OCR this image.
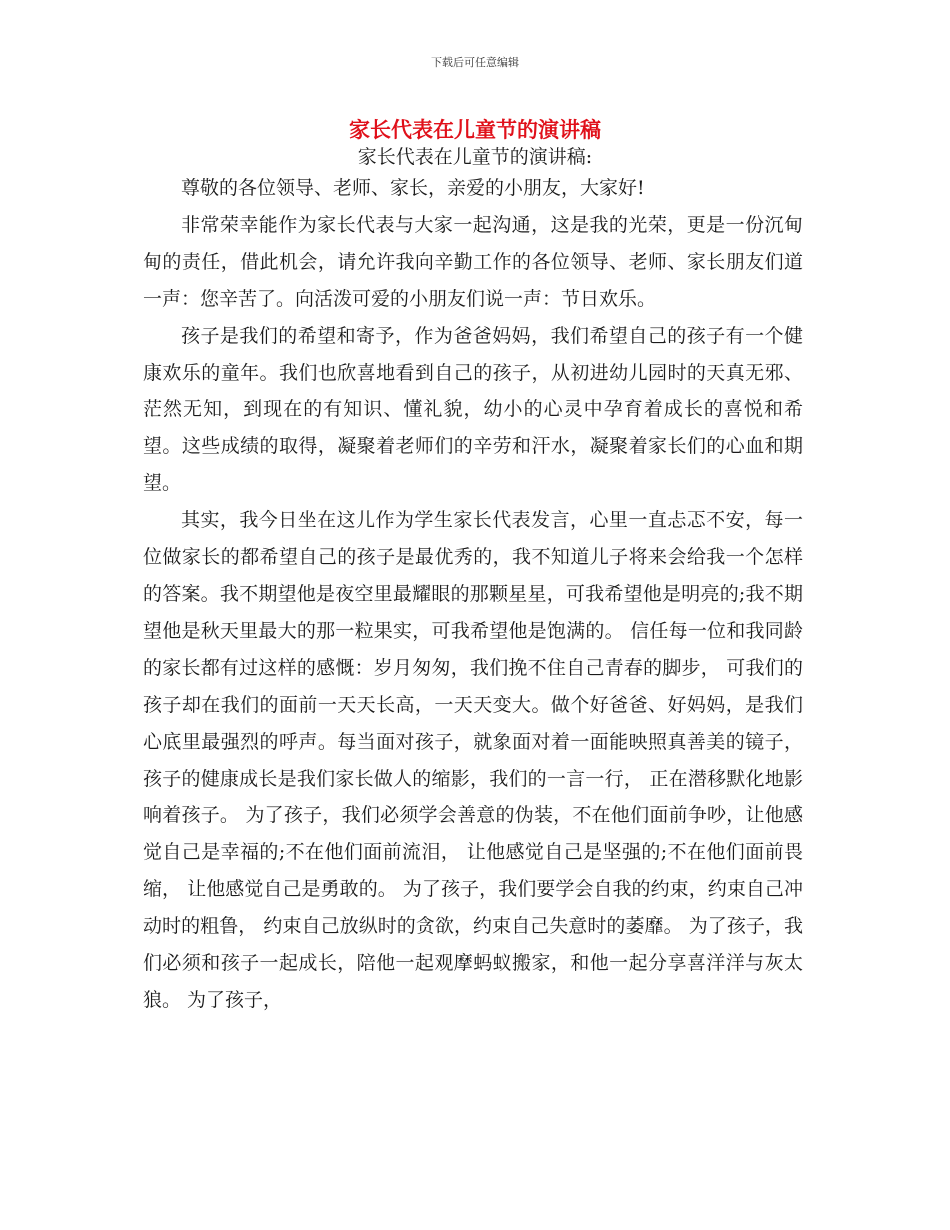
下载后可任意编辑
家长代表在儿童节的演讲稿
家长代表在儿童节的演讲稿:

尊敬的各位领导、老师、家长，亲爱的小朋友，大家好!

非常荣幸能作为家长代表与大家一起沟通，这是我的光荣，更是一份沉甸甸的责任，借此机会，请允许我向辛勤工作的各位领导、老师、家长朋友们道一声：您辛苦了。向活泼可爱的小朋友们说一声：节日欢乐。

孩子是我们的希望和寄予，作为爸爸妈妈，我们希望自己的孩子有一个健康欢乐的童年。我们也欣喜地看到自己的孩子，从初进幼儿园时的天真无邪、茫然无知，到现在的有知识、懂礼貌，幼小的心灵中孕育着成长的喜悦和希望。这些成绩的取得，凝聚着老师们的辛劳和汗水，凝聚着家长们的心血和期望。

其实，我今日坐在这儿作为学生家长代表发言，心里一直忐忑不安，每一位做家长的都希望自己的孩子是最优秀的，我不知道儿子将来会给我一个怎样的答案。我不期望他是夜空里最耀眼的那颗星星，可我希望他是明亮的;我不期望他是秋天里最大的那一粒果实，可我希望他是饱满的。 信任每一位和我同龄的家长都有过这样的感慨：岁月匆匆，我们挽不住自己青春的脚步， 可我们的孩子却在我们的面前一天天长高，一天天变大。做个好爸爸、好妈妈，是我们心底里最强烈的呼声。每当面对孩子，就象面对着一面能映照真善美的镜子，孩子的健康成长是我们家长做人的缩影，我们的一言一行， 正在潜移默化地影响着孩子。 为了孩子，我们必须学会善意的伪装，不在他们面前争吵，让他感觉自己是幸福的;不在他们面前流泪， 让他感觉自己是坚强的;不在他们面前畏缩， 让他感觉自己是勇敢的。 为了孩子，我们要学会自我的约束，约束自己冲动时的粗鲁， 约束自己放纵时的贪欲，约束自己失意时的萎靡。 为了孩子，我们必须和孩子一起成长，陪他一起观摩蚂蚁搬家，和他一起分享喜洋洋与灰太狼。 为了孩子，
